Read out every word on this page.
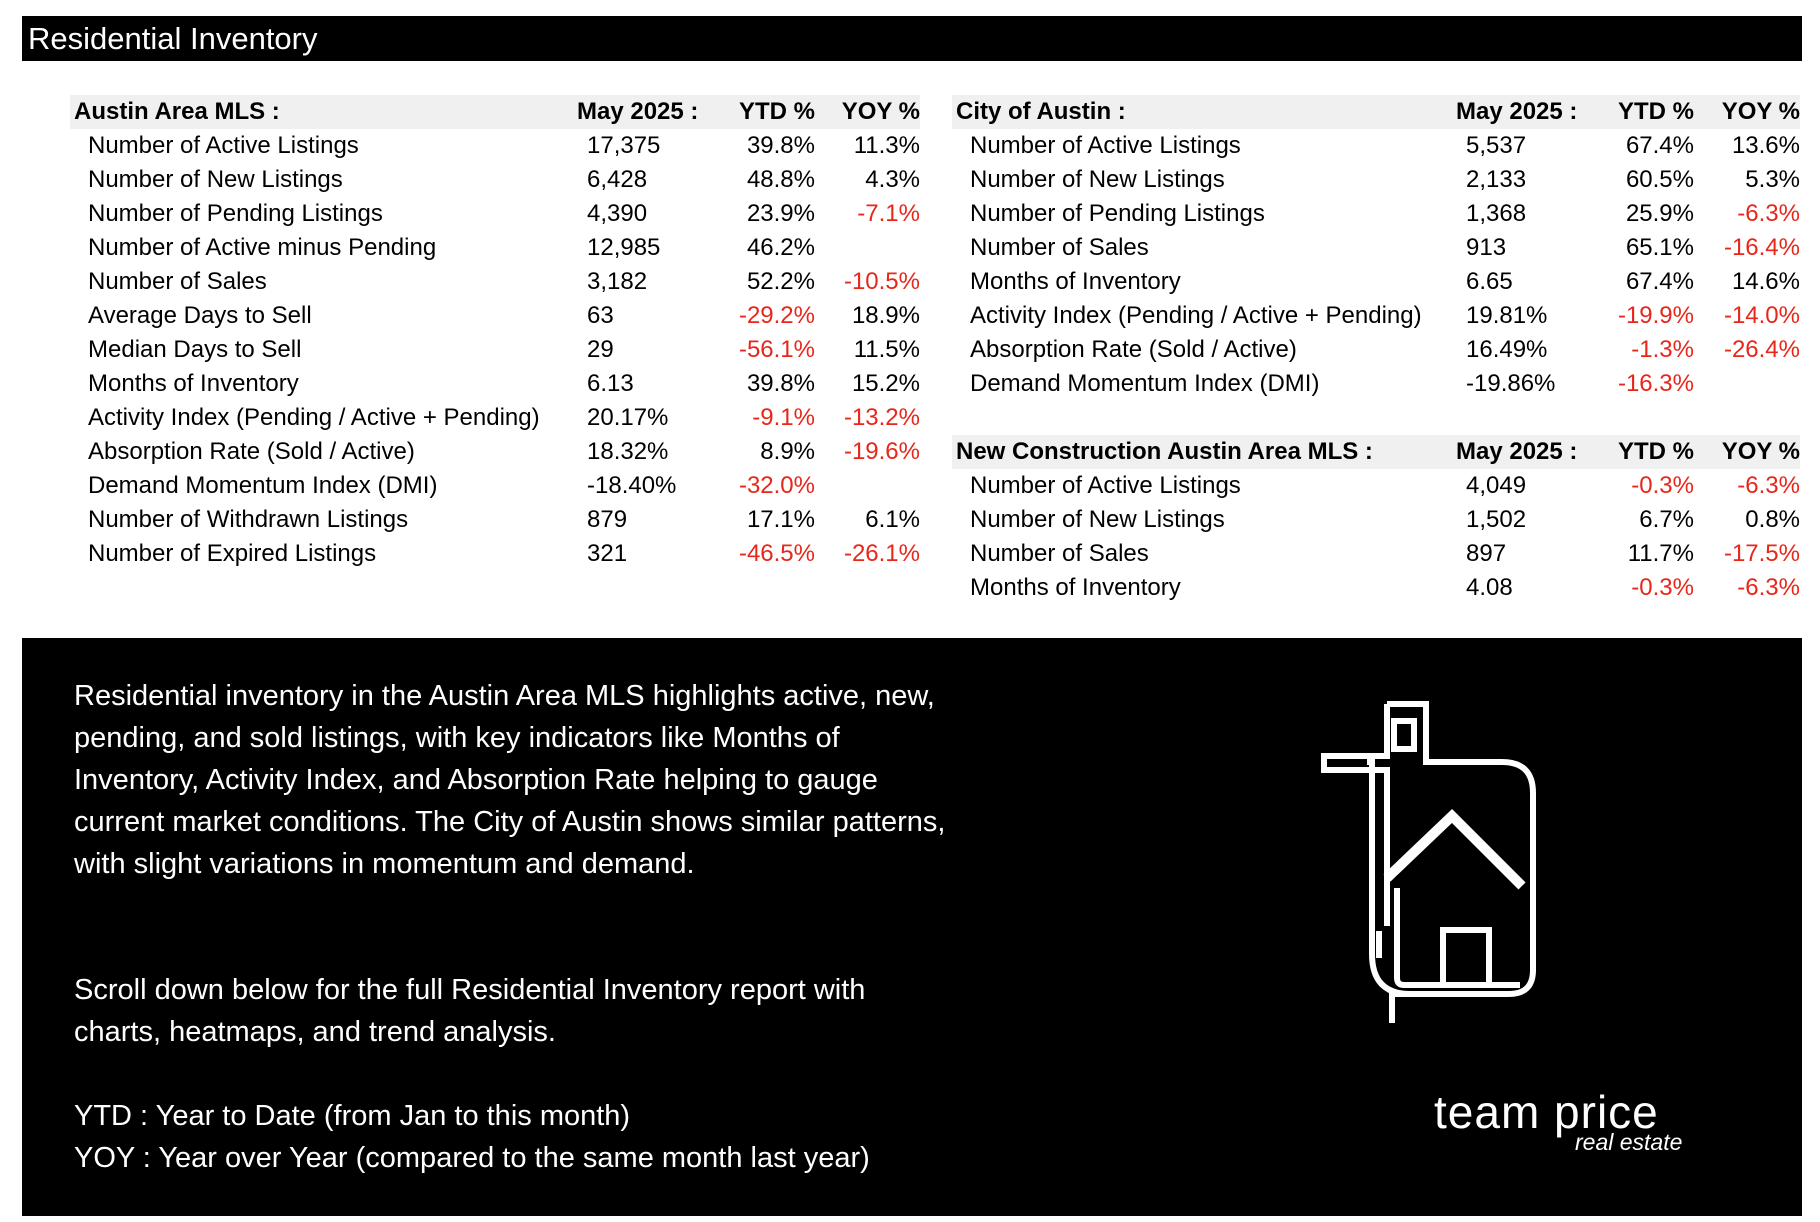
Residential Inventory
Austin Area MLS :	May 2025 :	YTD %	YOY %
Number of Active Listings	17,375	39.8%	11.3%
Number of New Listings	6,428	48.8%	4.3%
Number of Pending Listings	4,390	23.9%	-7.1%
Number of Active minus Pending	12,985	46.2%	
Number of Sales	3,182	52.2%	-10.5%
Average Days to Sell	63	-29.2%	18.9%
Median Days to Sell	29	-56.1%	11.5%
Months of Inventory	6.13	39.8%	15.2%
Activity Index (Pending / Active + Pending)	20.17%	-9.1%	-13.2%
Absorption Rate (Sold / Active)	18.32%	8.9%	-19.6%
Demand Momentum Index (DMI)	-18.40%	-32.0%	
Number of Withdrawn Listings	879	17.1%	6.1%
Number of Expired Listings	321	-46.5%	-26.1%
City of Austin :	May 2025 :	YTD %	YOY %
Number of Active Listings	5,537	67.4%	13.6%
Number of New Listings	2,133	60.5%	5.3%
Number of Pending Listings	1,368	25.9%	-6.3%
Number of Sales	913	65.1%	-16.4%
Months of Inventory	6.65	67.4%	14.6%
Activity Index (Pending / Active + Pending)	19.81%	-19.9%	-14.0%
Absorption Rate (Sold / Active)	16.49%	-1.3%	-26.4%
Demand Momentum Index (DMI)	-19.86%	-16.3%	

New Construction Austin Area MLS :	May 2025 :	YTD %	YOY %
Number of Active Listings	4,049	-0.3%	-6.3%
Number of New Listings	1,502	6.7%	0.8%
Number of Sales	897	11.7%	-17.5%
Months of Inventory	4.08	-0.3%	-6.3%

Residential inventory in the Austin Area MLS highlights active, new, pending, and sold listings, with key indicators like Months of Inventory, Activity Index, and Absorption Rate helping to gauge current market conditions. The City of Austin shows similar patterns, with slight variations in momentum and demand.

Scroll down below for the full Residential Inventory report with charts, heatmaps, and trend analysis.

YTD : Year to Date (from Jan to this month)

YOY : Year over Year (compared to the same month last year)

team price
real estate
